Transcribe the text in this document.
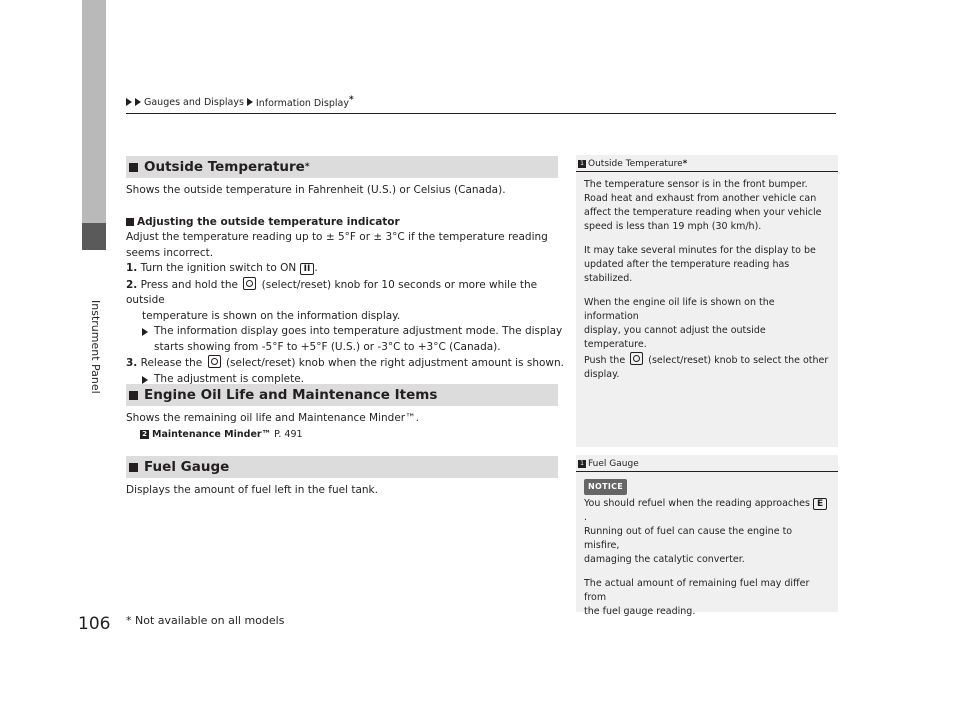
Instrument Panel
Gauges and Displays Information Display*
Outside Temperature *
Shows the outside temperature in Fahrenheit (U.S.) or Celsius (Canada).
Adjusting the outside temperature indicator
Adjust the temperature reading up to ± 5°F or ± 3°C if the temperature reading
seems incorrect.
1. Turn the ignition switch to ON II .
2. Press and hold the (select/reset) knob for 10 seconds or more while the outside
temperature is shown on the information display.
The information display goes into temperature adjustment mode. The display
starts showing from -5°F to +5°F (U.S.) or -3°C to +3°C (Canada).
3. Release the (select/reset) knob when the right adjustment amount is shown.
The adjustment is complete.
Engine Oil Life and Maintenance Items
Shows the remaining oil life and Maintenance Minder™.
2 Maintenance Minder™
P. 491
Fuel Gauge
Displays the amount of fuel left in the fuel tank.
1 Outside Temperature *

The temperature sensor is in the front bumper.
Road heat and exhaust from another vehicle can
affect the temperature reading when your vehicle
speed is less than 19 mph (30 km/h).

It may take several minutes for the display to be
updated after the temperature reading has stabilized.

When the engine oil life is shown on the information
display, you cannot adjust the outside temperature.
Push the (select/reset) knob to select the other
display.

1 Fuel Gauge
NOTICE

You should refuel when the reading approaches E.
Running out of fuel can cause the engine to misfire,
damaging the catalytic converter.

The actual amount of remaining fuel may differ from
the fuel gauge reading.

106 * Not available on all models
